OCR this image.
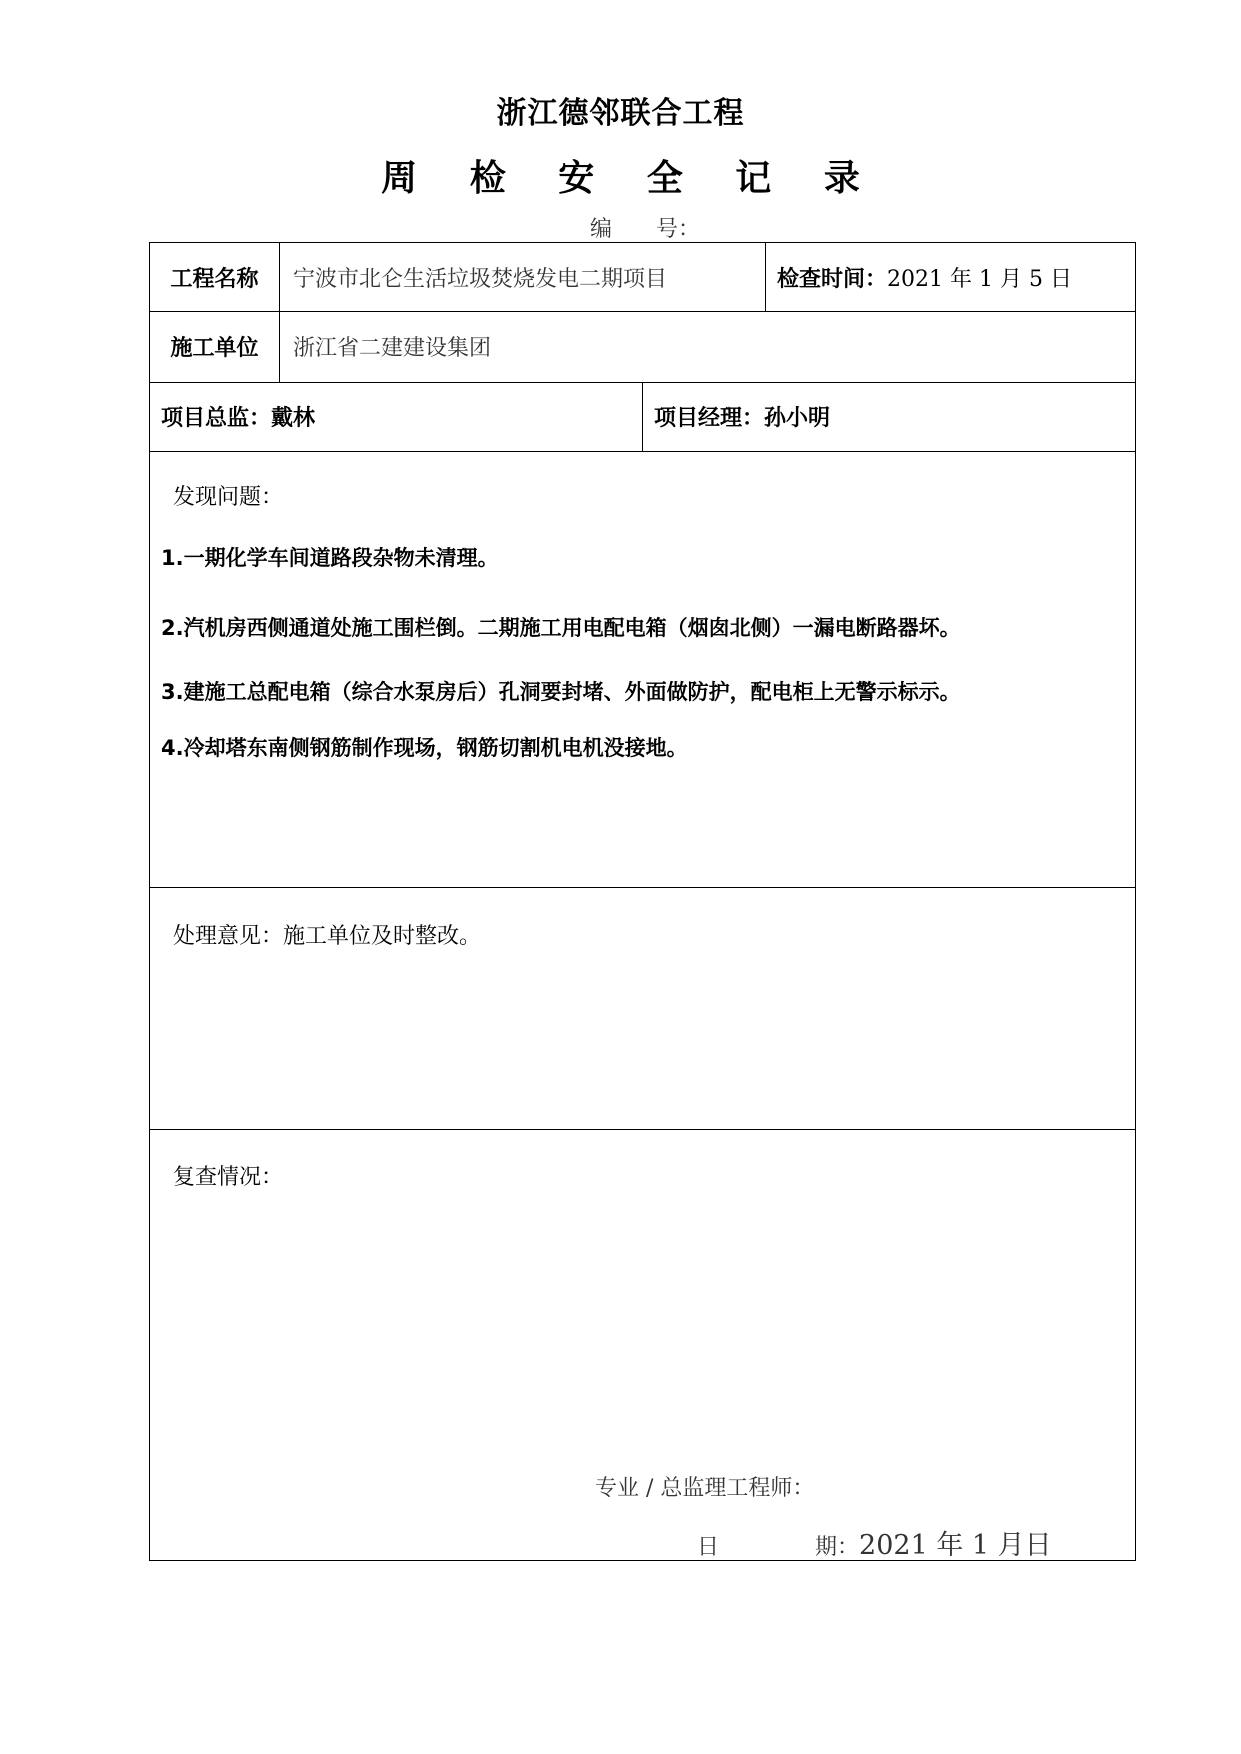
浙江德邻联合工程
周 检 安 全 记 录
编 号：
工程名称	宁波市北仑生活垃圾焚烧发电二期项目	检查时间： 2021 年 1 月 5 日
施工单位	浙江省二建建设集团
项目总监： 戴林	项目经理： 孙小明
发现问题：
1.一期化学车间道路段杂物未清理。
2.汽机房西侧通道处施工围栏倒。二期施工用电配电箱（烟囱北侧）一漏电断路器坏。
3.建施工总配电箱（综合水泵房后）孔洞要封堵、外面做防护，配电柜上无警示标示。
4.冷却塔东南侧钢筋制作现场，钢筋切割机电机没接地。
处理意见：施工单位及时整改。
复查情况：
专业 / 总监理工程师：
日	期：2021 年 1 月日
